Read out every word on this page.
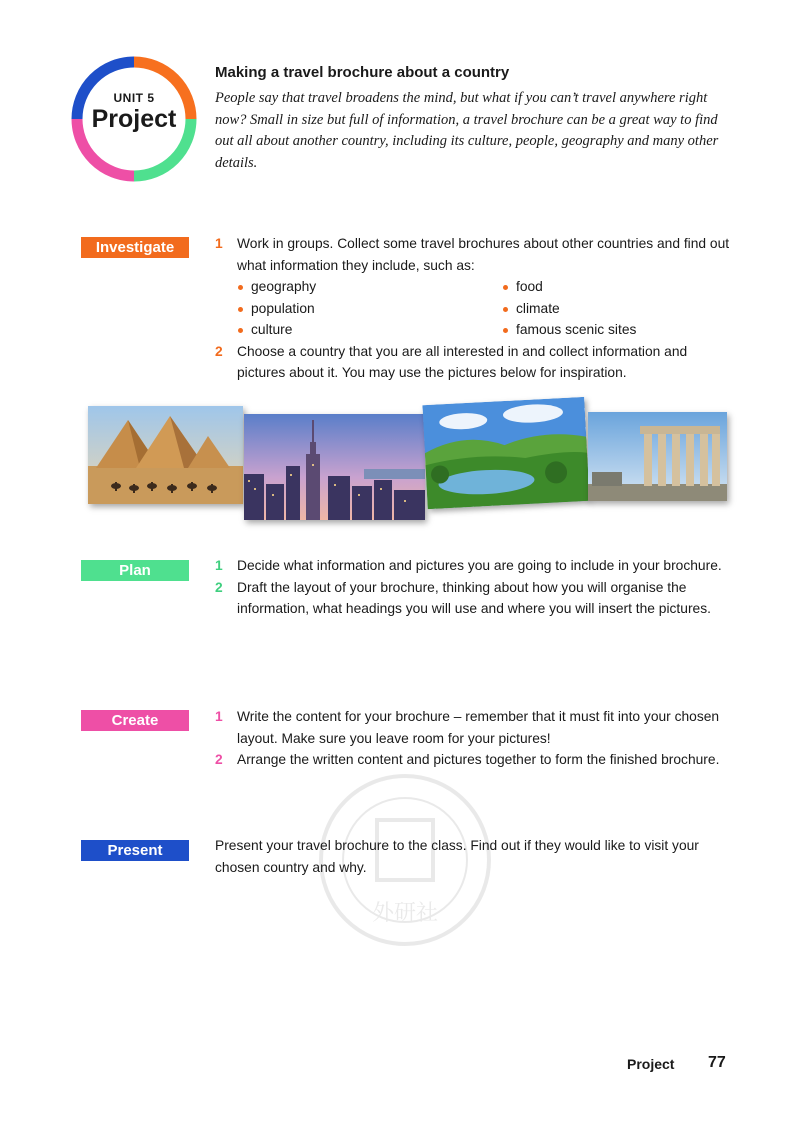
UNIT 5
Project
Making a travel brochure about a country
People say that travel broadens the mind, but what if you can’t travel anywhere right now? Small in size but full of information, a travel brochure can be a great way to find out all about another country, including its culture, people, geography and many other details.
Investigate	1 Work in groups. Collect some travel brochures about other countries and find out what information they include, such as:
geography	food
population	climate
culture	famous scenic sites
2 Choose a country that you are all interested in and collect information and pictures about it. You may use the pictures below for inspiration.
Plan	1 Decide what information and pictures you are going to include in your brochure.
2 Draft the layout of your brochure, thinking about how you will organise the information, what headings you will use and where you will insert the pictures.
Create	1 Write the content for your brochure – remember that it must fit into your chosen layout. Make sure you leave room for your pictures!
2 Arrange the written content and pictures together to form the finished brochure.
外研社
Present	Present your travel brochure to the class. Find out if they would like to visit your chosen country and why.
Project 77
